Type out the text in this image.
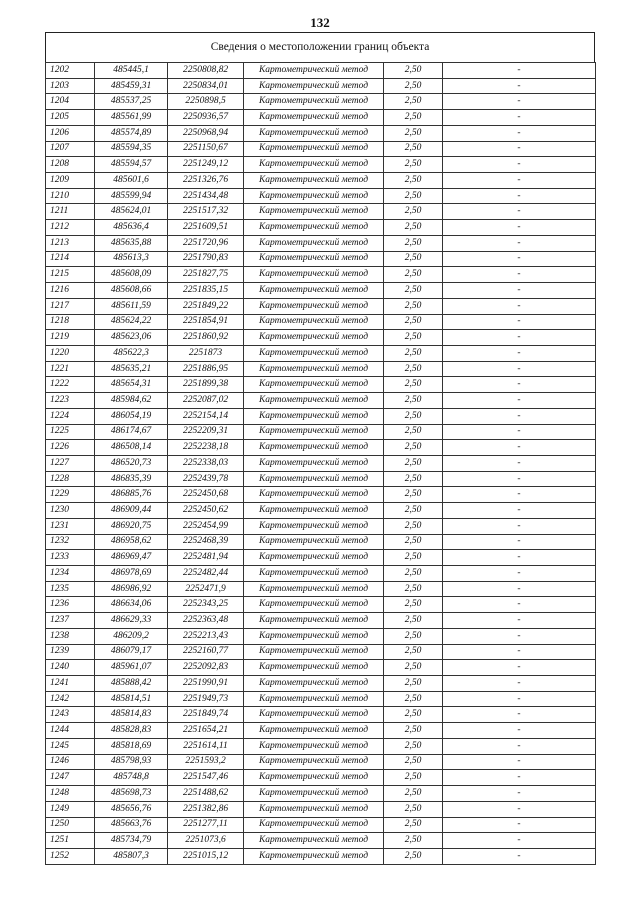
132
Сведения о местоположении границ объекта
1202	485445,1	2250808,82	Картометрический метод	2,50	-
1203	485459,31	2250834,01	Картометрический метод	2,50	-
1204	485537,25	2250898,5	Картометрический метод	2,50	-
1205	485561,99	2250936,57	Картометрический метод	2,50	-
1206	485574,89	2250968,94	Картометрический метод	2,50	-
1207	485594,35	2251150,67	Картометрический метод	2,50	-
1208	485594,57	2251249,12	Картометрический метод	2,50	-
1209	485601,6	2251326,76	Картометрический метод	2,50	-
1210	485599,94	2251434,48	Картометрический метод	2,50	-
1211	485624,01	2251517,32	Картометрический метод	2,50	-
1212	485636,4	2251609,51	Картометрический метод	2,50	-
1213	485635,88	2251720,96	Картометрический метод	2,50	-
1214	485613,3	2251790,83	Картометрический метод	2,50	-
1215	485608,09	2251827,75	Картометрический метод	2,50	-
1216	485608,66	2251835,15	Картометрический метод	2,50	-
1217	485611,59	2251849,22	Картометрический метод	2,50	-
1218	485624,22	2251854,91	Картометрический метод	2,50	-
1219	485623,06	2251860,92	Картометрический метод	2,50	-
1220	485622,3	2251873	Картометрический метод	2,50	-
1221	485635,21	2251886,95	Картометрический метод	2,50	-
1222	485654,31	2251899,38	Картометрический метод	2,50	-
1223	485984,62	2252087,02	Картометрический метод	2,50	-
1224	486054,19	2252154,14	Картометрический метод	2,50	-
1225	486174,67	2252209,31	Картометрический метод	2,50	-
1226	486508,14	2252238,18	Картометрический метод	2,50	-
1227	486520,73	2252338,03	Картометрический метод	2,50	-
1228	486835,39	2252439,78	Картометрический метод	2,50	-
1229	486885,76	2252450,68	Картометрический метод	2,50	-
1230	486909,44	2252450,62	Картометрический метод	2,50	-
1231	486920,75	2252454,99	Картометрический метод	2,50	-
1232	486958,62	2252468,39	Картометрический метод	2,50	-
1233	486969,47	2252481,94	Картометрический метод	2,50	-
1234	486978,69	2252482,44	Картометрический метод	2,50	-
1235	486986,92	2252471,9	Картометрический метод	2,50	-
1236	486634,06	2252343,25	Картометрический метод	2,50	-
1237	486629,33	2252363,48	Картометрический метод	2,50	-
1238	486209,2	2252213,43	Картометрический метод	2,50	-
1239	486079,17	2252160,77	Картометрический метод	2,50	-
1240	485961,07	2252092,83	Картометрический метод	2,50	-
1241	485888,42	2251990,91	Картометрический метод	2,50	-
1242	485814,51	2251949,73	Картометрический метод	2,50	-
1243	485814,83	2251849,74	Картометрический метод	2,50	-
1244	485828,83	2251654,21	Картометрический метод	2,50	-
1245	485818,69	2251614,11	Картометрический метод	2,50	-
1246	485798,93	2251593,2	Картометрический метод	2,50	-
1247	485748,8	2251547,46	Картометрический метод	2,50	-
1248	485698,73	2251488,62	Картометрический метод	2,50	-
1249	485656,76	2251382,86	Картометрический метод	2,50	-
1250	485663,76	2251277,11	Картометрический метод	2,50	-
1251	485734,79	2251073,6	Картометрический метод	2,50	-
1252	485807,3	2251015,12	Картометрический метод	2,50	-
